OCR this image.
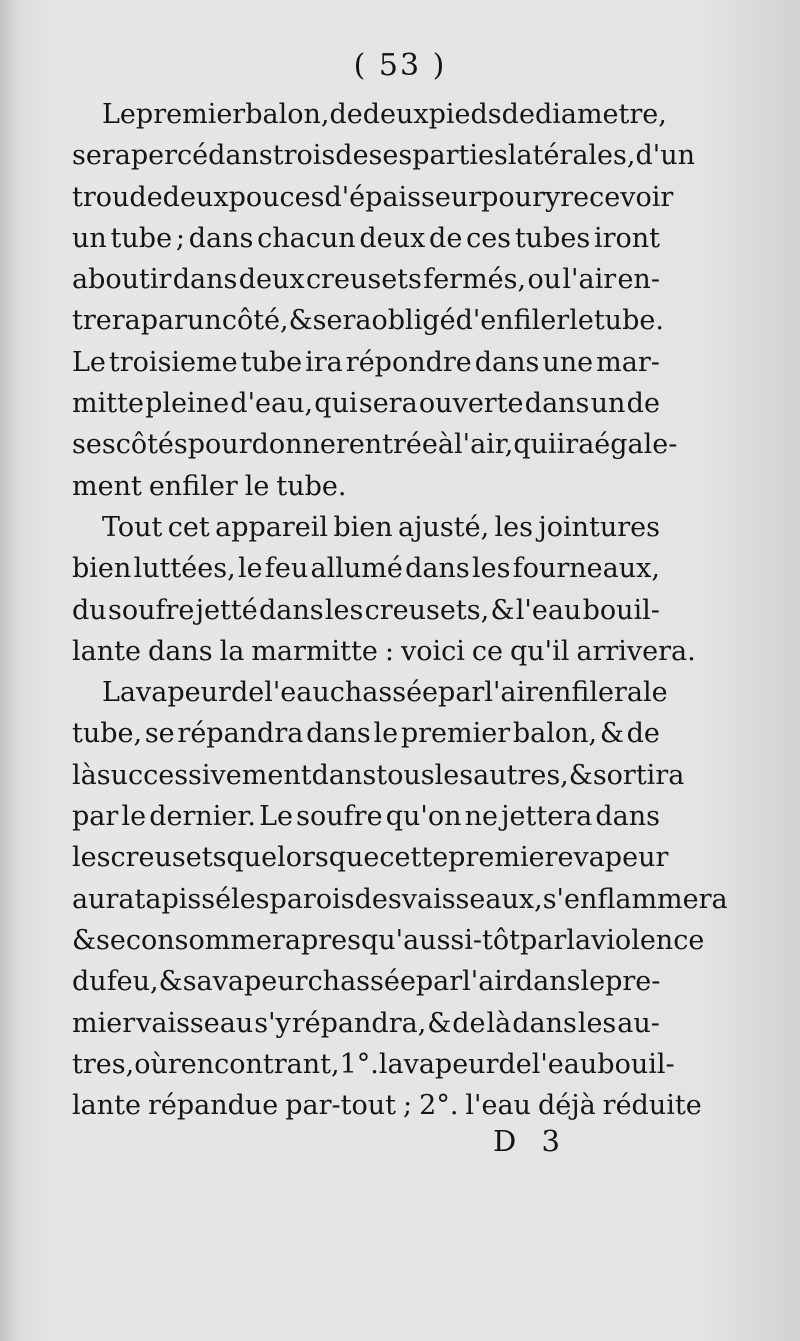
( 53 )
Le premier balon, de deux pieds de diametre,
sera percé dans trois de ses parties latérales, d'un
trou de deux pouces d'épaisseur pour y recevoir
un tube ; dans chacun deux de ces tubes iront
aboutir dans deux creusets fermés, ou l'air en-
trera par un côté, & sera obligé d'enfiler le tube.
Le troisieme tube ira répondre dans une mar-
mitte pleine d'eau, qui sera ouverte dans un de
ses côtés pour donner entrée à l'air, qui ira égale-
ment enfiler le tube.
Tout cet appareil bien ajusté, les jointures
bien luttées, le feu allumé dans les fourneaux,
du soufre jetté dans les creusets, & l'eau bouil-
lante dans la marmitte : voici ce qu'il arrivera.
La vapeur de l'eau chassée par l'air enfilera le
tube, se répandra dans le premier balon, & de
là successivement dans tous les autres, & sortira
par le dernier. Le soufre qu'on ne jettera dans
les creusets que lorsque cette premiere vapeur
aura tapissé les parois des vaisseaux, s'enflammera
& se consommera presqu'aussi-tôt par la violence
du feu, & sa vapeur chassée par l'air dans le pre-
mier vaisseau s'y répandra, & de là dans les au-
tres, où rencontrant, 1°. la vapeur de l'eau bouil-
lante répandue par-tout ; 2°. l'eau déjà réduite
D 3
